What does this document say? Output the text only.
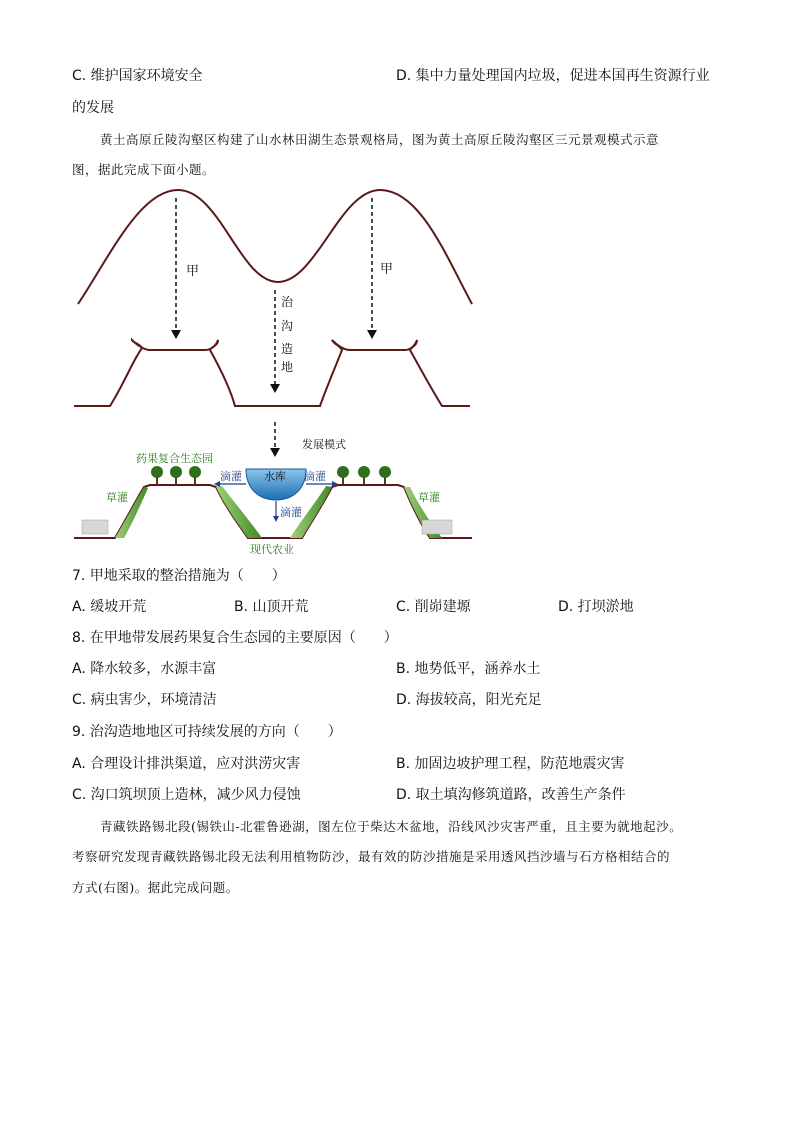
C. 维护国家环境安全	D. 集中力量处理国内垃圾，促进本国再生资源行业
的发展
黄土高原丘陵沟壑区构建了山水林田湖生态景观格局，图为黄土高原丘陵沟壑区三元景观模式示意
图，据此完成下面小题。
甲	甲
治
沟
造
地
发展模式
水库
药果复合生态园
滴灌	滴灌
滴灌
草灌	草灌
现代农业
7. 甲地采取的整治措施为（　　）
A. 缓坡开荒	B. 山顶开荒	C. 削峁建塬	D. 打坝淤地
8. 在甲地带发展药果复合生态园的主要原因（　　）
A. 降水较多，水源丰富	B. 地势低平，涵养水土
C. 病虫害少，环境清洁	D. 海拔较高，阳光充足
9. 治沟造地地区可持续发展的方向（　　）
A. 合理设计排洪渠道，应对洪涝灾害	B. 加固边坡护理工程，防范地震灾害
C. 沟口筑坝顶上造林，减少风力侵蚀	D. 取土填沟修筑道路，改善生产条件
青藏铁路锡北段(锡铁山-北霍鲁逊湖，图左位于柴达木盆地，沿线风沙灾害严重，且主要为就地起沙。
考察研究发现青藏铁路锡北段无法利用植物防沙，最有效的防沙措施是采用透风挡沙墙与石方格相结合的
方式(右图)。据此完成问题。
